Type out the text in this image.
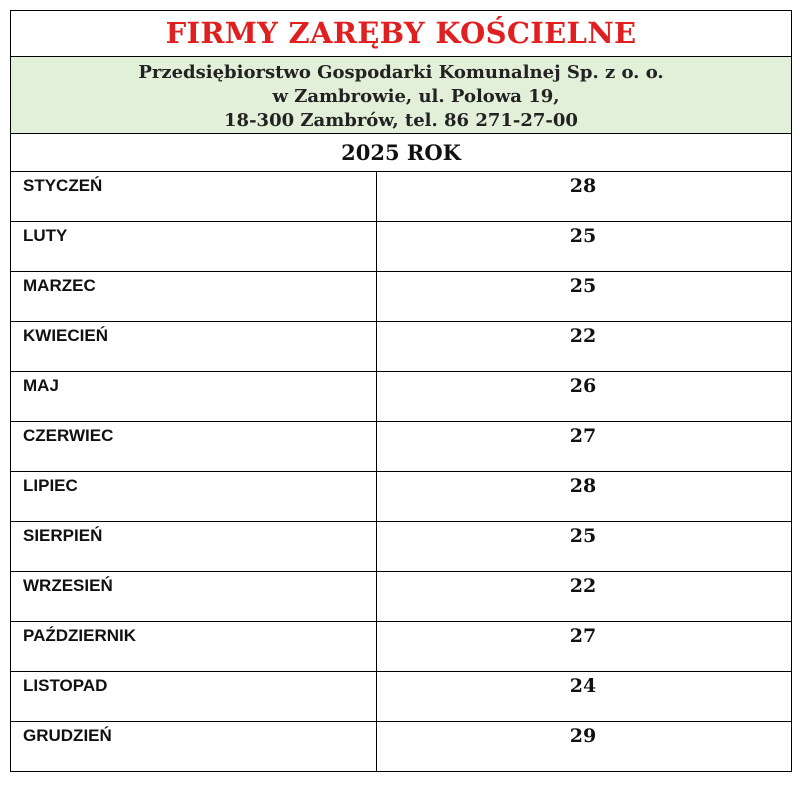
FIRMY ZARĘBY KOŚCIELNE
Przedsiębiorstwo Gospodarki Komunalnej Sp. z o. o.
w Zambrowie, ul. Polowa 19,
18-300 Zambrów, tel. 86 271-27-00
2025 ROK
STYCZEŃ	28
LUTY	25
MARZEC	25
KWIECIEŃ	22
MAJ	26
CZERWIEC	27
LIPIEC	28
SIERPIEŃ	25
WRZESIEŃ	22
PAŹDZIERNIK	27
LISTOPAD	24
GRUDZIEŃ	29
